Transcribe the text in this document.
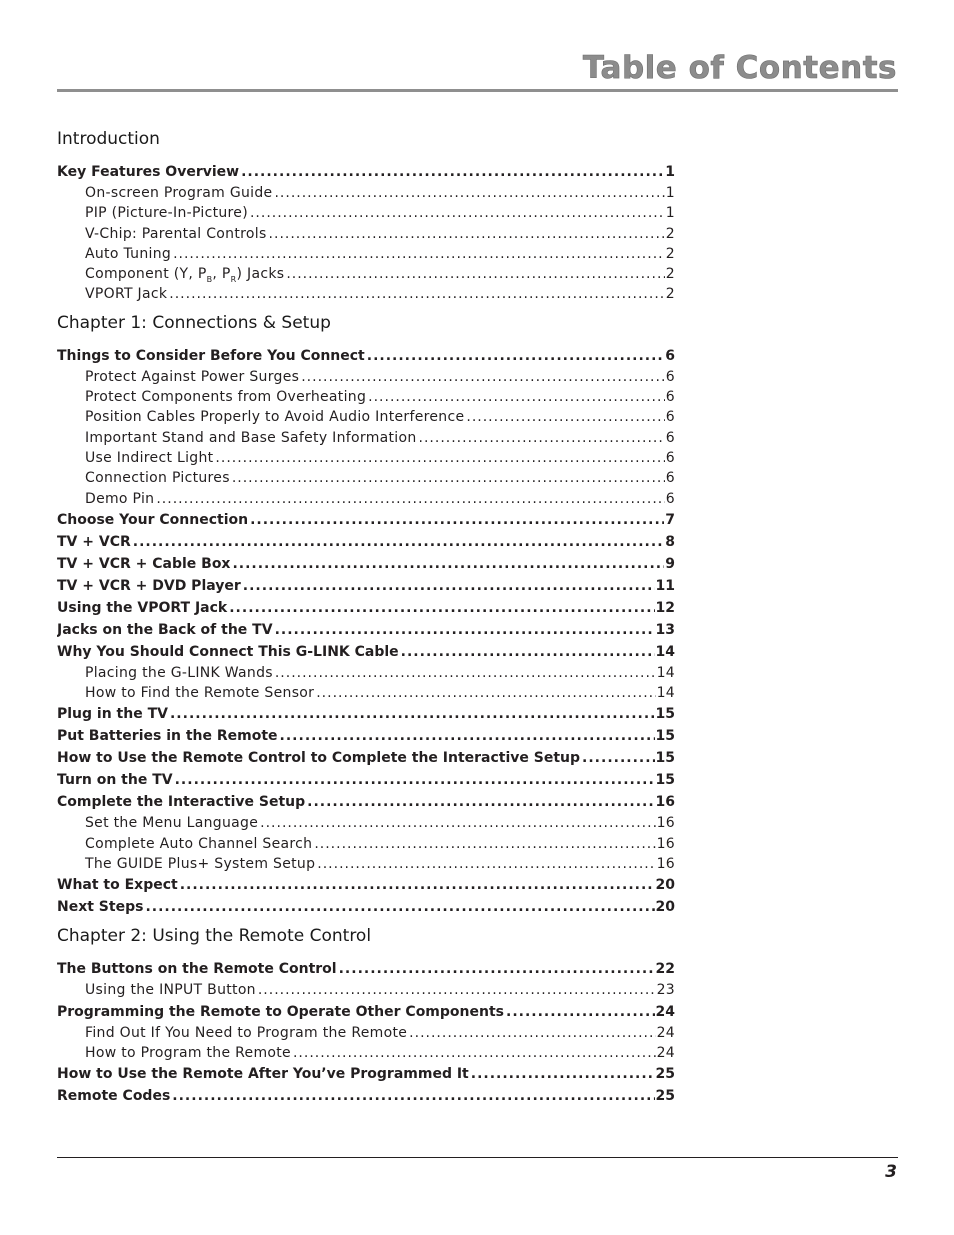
Table of Contents
Introduction
Key Features Overview .....	1
On-screen Program Guide .....	1
PIP (Picture-In-Picture) .....	1
V-Chip: Parental Controls .....	2
Auto Tuning .....	2
Component (Y, $P_B$, $P_R$) Jacks .....	2
VPORT Jack .....	2
Chapter 1: Connections & Setup
Things to Consider Before You Connect .....	6
Protect Against Power Surges .....	6
Protect Components from Overheating .....	6
Position Cables Properly to Avoid Audio Interference .....	6
Important Stand and Base Safety Information .....	6
Use Indirect Light .....	6
Connection Pictures .....	6
Demo Pin .....	6
Choose Your Connection .....	7
TV + VCR .....	8
TV + VCR + Cable Box .....	9
TV + VCR + DVD Player .....	11
Using the VPORT Jack .....	12
Jacks on the Back of the TV .....	13
Why You Should Connect This G-LINK Cable .....	14
Placing the G-LINK Wands .....	14
How to Find the Remote Sensor .....	14
Plug in the TV .....	15
Put Batteries in the Remote .....	15
How to Use the Remote Control to Complete the Interactive Setup .....	15
Turn on the TV .....	15
Complete the Interactive Setup .....	16
Set the Menu Language .....	16
Complete Auto Channel Search .....	16
The GUIDE Plus+ System Setup .....	16
What to Expect .....	20
Next Steps .....	20
Chapter 2: Using the Remote Control
The Buttons on the Remote Control .....	22
Using the INPUT Button .....	23
Programming the Remote to Operate Other Components .....	24
Find Out If You Need to Program the Remote .....	24
How to Program the Remote .....	24
How to Use the Remote After You’ve Programmed It .....	25
Remote Codes .....	25
3
